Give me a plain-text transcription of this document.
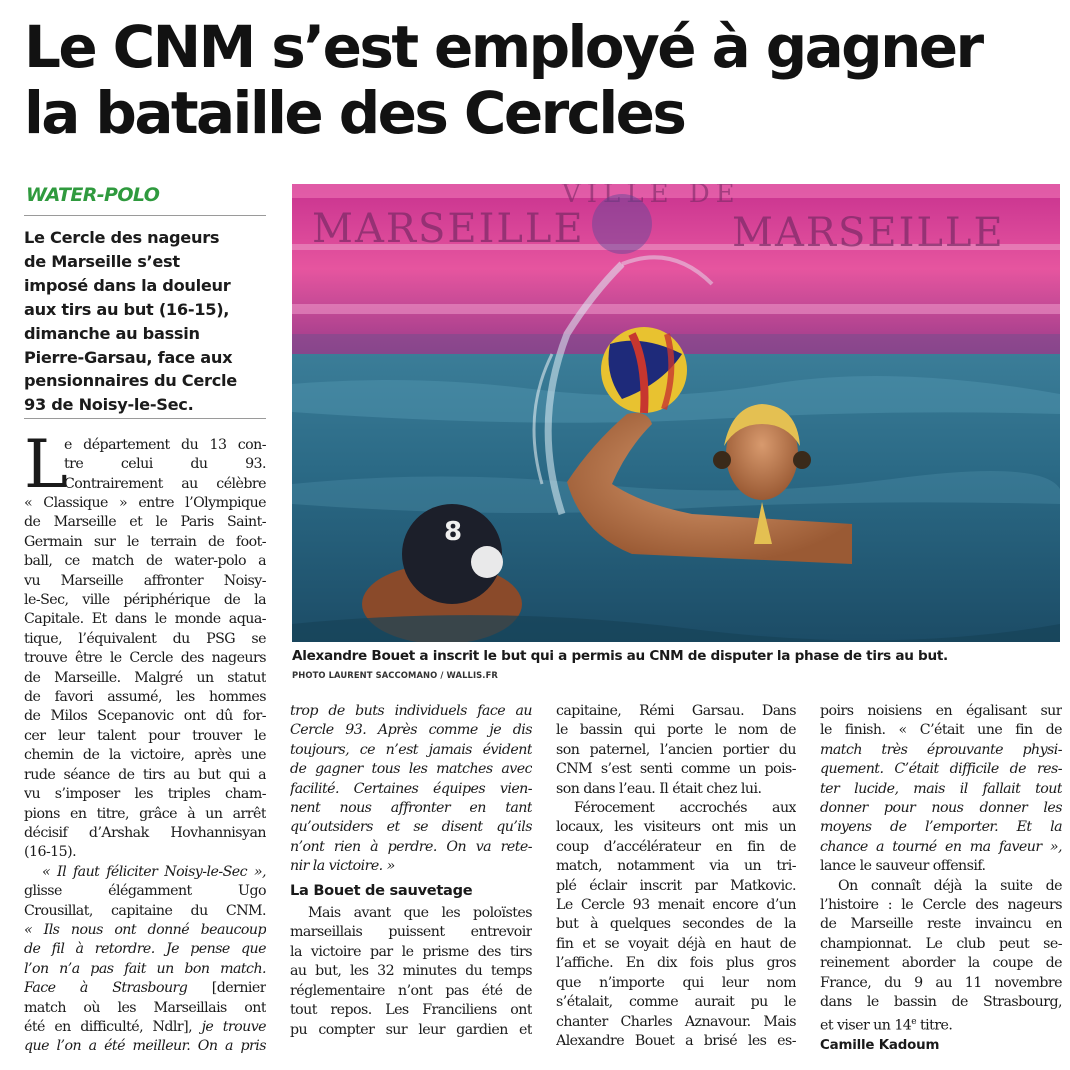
Le CNM s’est employé à gagner
la bataille des Cercles
WATER-POLO
Le Cercle des nageurs
de Marseille s’est
imposé dans la douleur
aux tirs au but (16-15),
dimanche au bassin
Pierre-Garsau, face aux
pensionnaires du Cercle
93 de Noisy-le-Sec.
L
e département du 13 con-
tre celui du 93.
Contrairement au célèbre
« Classique » entre l’Olympique
de Marseille et le Paris Saint-
Germain sur le terrain de foot-
ball, ce match de water-polo a
vu Marseille affronter Noisy-
le-Sec, ville périphérique de la
Capitale. Et dans le monde aqua-
tique, l’équivalent du PSG se
trouve être le Cercle des nageurs
de Marseille. Malgré un statut
de favori assumé, les hommes
de Milos Scepanovic ont dû for-
cer leur talent pour trouver le
chemin de la victoire, après une
rude séance de tirs au but qui a
vu s’imposer les triples cham-
pions en titre, grâce à un arrêt
décisif d’Arshak Hovhannisyan
(16-15).
« Il faut féliciter Noisy-le-Sec »,
glisse élégamment Ugo
Crousillat, capitaine du CNM.
« Ils nous ont donné beaucoup
de fil à retordre. Je pense que
l’on n’a pas fait un bon match.
Face à Strasbourg [dernier
match où les Marseillais ont
été en difficulté, Ndlr], je trouve
que l’on a été meilleur. On a pris
MARSEILLE	MARSEILLE
VILLE DE
8
Alexandre Bouet a inscrit le but qui a permis au CNM de disputer la phase de tirs au but.
PHOTO LAURENT SACCOMANO / WALLIS.FR
trop de buts individuels face au
Cercle 93. Après comme je dis
toujours, ce n’est jamais évident
de gagner tous les matches avec
facilité. Certaines équipes vien-
nent nous affronter en tant
qu’outsiders et se disent qu’ils
n’ont rien à perdre. On va rete-
nir la victoire. »
La Bouet de sauvetage
Mais avant que les poloïstes
marseillais puissent entrevoir
la victoire par le prisme des tirs
au but, les 32 minutes du temps
réglementaire n’ont pas été de
tout repos. Les Franciliens ont
pu compter sur leur gardien et
capitaine, Rémi Garsau. Dans
le bassin qui porte le nom de
son paternel, l’ancien portier du
CNM s’est senti comme un pois-
son dans l’eau. Il était chez lui.
Férocement accrochés aux
locaux, les visiteurs ont mis un
coup d’accélérateur en fin de
match, notamment via un tri-
plé éclair inscrit par Matkovic.
Le Cercle 93 menait encore d’un
but à quelques secondes de la
fin et se voyait déjà en haut de
l’affiche. En dix fois plus gros
que n’importe qui leur nom
s’étalait, comme aurait pu le
chanter Charles Aznavour. Mais
Alexandre Bouet a brisé les es-
poirs noisiens en égalisant sur
le finish. « C’était une fin de
match très éprouvante physi-
quement. C’était difficile de res-
ter lucide, mais il fallait tout
donner pour nous donner les
moyens de l’emporter. Et la
chance a tourné en ma faveur »,
lance le sauveur offensif.
On connaît déjà la suite de
l’histoire : le Cercle des nageurs
de Marseille reste invaincu en
championnat. Le club peut se-
reinement aborder la coupe de
France, du 9 au 11 novembre
dans le bassin de Strasbourg,
et viser un 14e titre.
Camille Kadoum
